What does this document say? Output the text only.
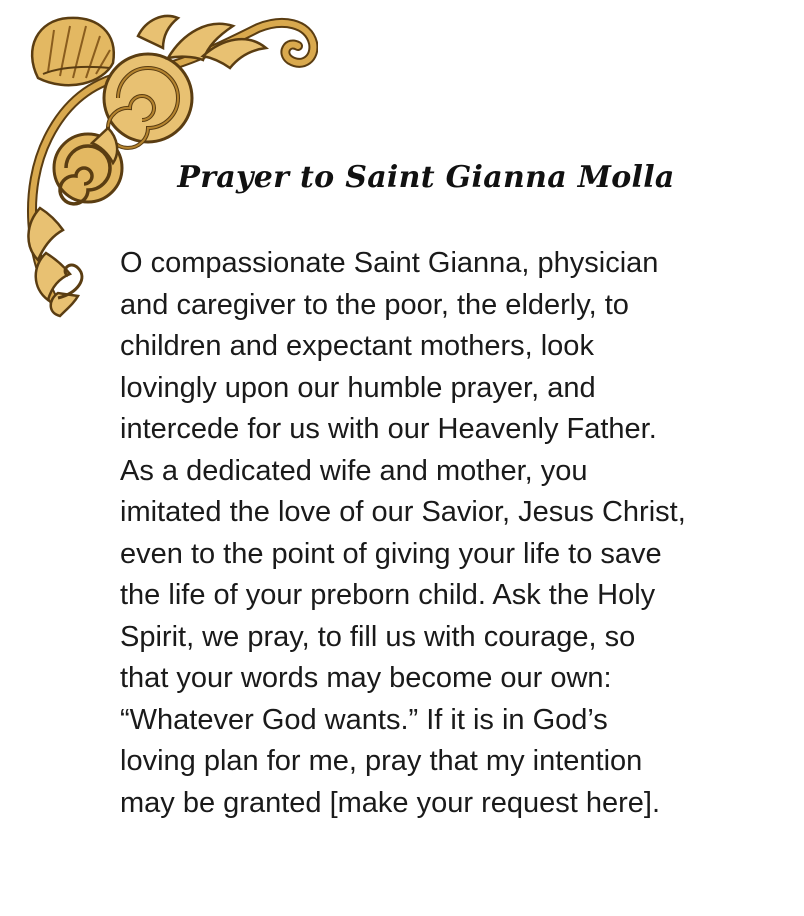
Prayer to Saint Gianna Molla
O compassionate Saint Gianna, physician
and caregiver to the poor, the elderly, to
children and expectant mothers, look
lovingly upon our humble prayer, and
intercede for us with our Heavenly Father.
As a dedicated wife and mother, you
imitated the love of our Savior, Jesus Christ,
even to the point of giving your life to save
the life of your preborn child. Ask the Holy
Spirit, we pray, to fill us with courage, so
that your words may become our own:
“Whatever God wants.” If it is in God’s
loving plan for me, pray that my intention
may be granted [make your request here].
